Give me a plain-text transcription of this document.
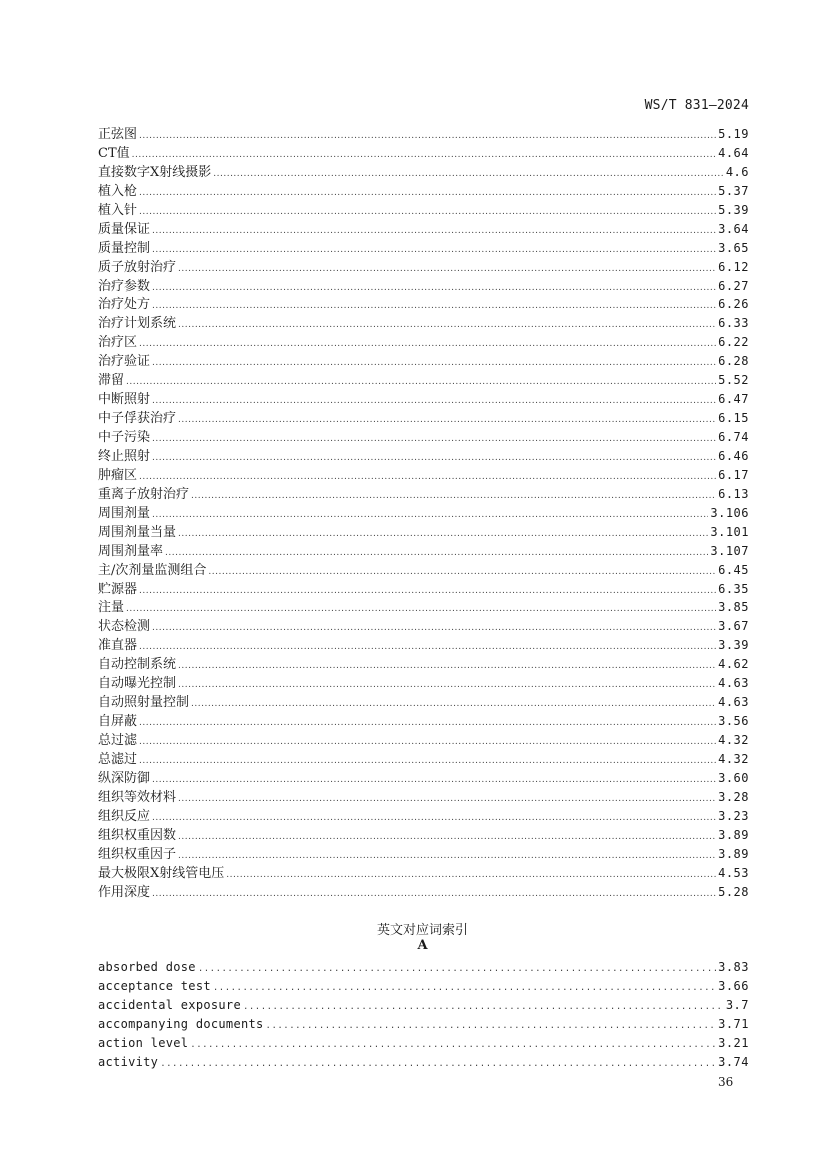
WS/T 831—2024
正弦图 .....	5.19
CT值 .....	4.64
直接数字X射线摄影 .....	4.6
植入枪 .....	5.37
植入针 .....	5.39
质量保证 .....	3.64
质量控制 .....	3.65
质子放射治疗 .....	6.12
治疗参数 .....	6.27
治疗处方 .....	6.26
治疗计划系统 .....	6.33
治疗区 .....	6.22
治疗验证 .....	6.28
滞留 .....	5.52
中断照射 .....	6.47
中子俘获治疗 .....	6.15
中子污染 .....	6.74
终止照射 .....	6.46
肿瘤区 .....	6.17
重离子放射治疗 .....	6.13
周围剂量 .....	3.106
周围剂量当量 .....	3.101
周围剂量率 .....	3.107
主/次剂量监测组合 .....	6.45
贮源器 .....	6.35
注量 .....	3.85
状态检测 .....	3.67
准直器 .....	3.39
自动控制系统 .....	4.62
自动曝光控制 .....	4.63
自动照射量控制 .....	4.63
自屏蔽 .....	3.56
总过滤 .....	4.32
总滤过 .....	4.32
纵深防御 .....	3.60
组织等效材料 .....	3.28
组织反应 .....	3.23
组织权重因数 .....	3.89
组织权重因子 .....	3.89
最大极限X射线管电压 .....	4.53
作用深度 .....	5.28
英文对应词索引
A
absorbed dose .....	3.83
acceptance test .....	3.66
accidental exposure .....	3.7
accompanying documents .....	3.71
action level .....	3.21
activity .....	3.74
36
